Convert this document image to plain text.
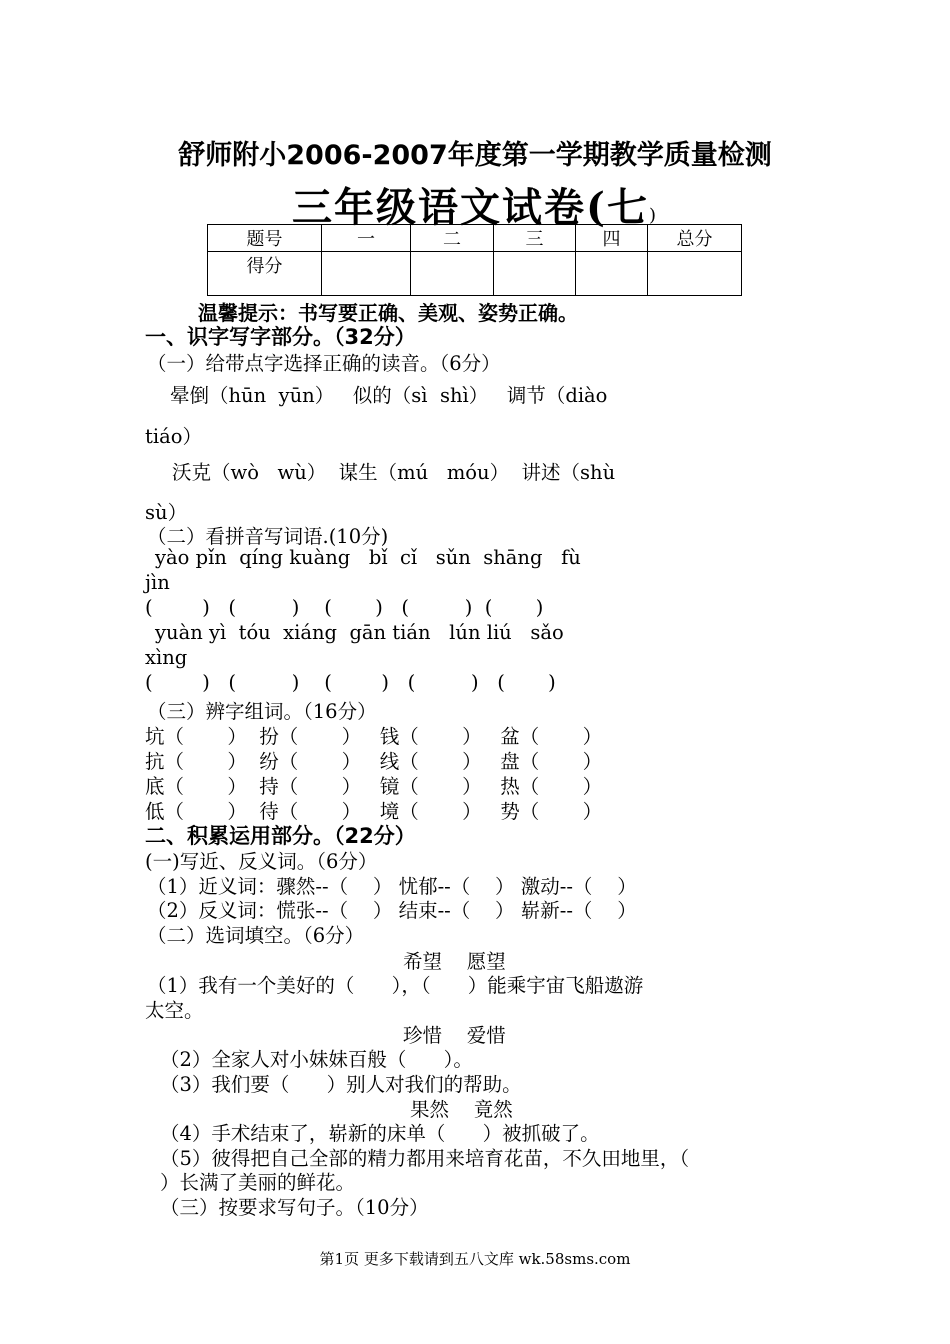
舒师附小2006-2007年度第一学期教学质量检测
三年级语文试卷(七)
题号	一	二	三	四	总分
得分					
温馨提示：书写要正确、美观、姿势正确。
一、识字写字部分。（32分）
（一）给带点字选择正确的读音。（6分）
晕倒（hūn  yūn）   似的（sì  shì）   调节（diào
tiáo）
沃克（wò   wù）  谋生（mú   móu）  讲述（shù
sù）
（二）看拼音写词语.(10分)
yào pǐn  qíng kuàng   bǐ  cǐ   sǔn  shāng   fù
jìn
(        )   (         )    (       )   (         )  (       )
yuàn yì  tóu  xiáng  gān tián   lún liú   sǎo
xìng
(        )   (         )    (        )   (         )   (       )
（三）辨字组词。（16分）
坑（       ）  扮（       ）   钱（       ）   盆（       ）
抗（       ）  纷（       ）   线（       ）   盘（       ）
底（       ）  持（       ）   镜（       ）   热（       ）
低（       ）  待（       ）   境（       ）   势（       ）
二、积累运用部分。（22分）
(一)写近、反义词。（6分）
（1）近义词：骤然--（    ） 忧郁--（    ） 激动--（    ）
（2）反义词：慌张--（    ） 结束--（    ） 崭新--（    ）
（二）选词填空。（6分）
希望    愿望
（1）我有一个美好的（      ），（      ）能乘宇宙飞船遨游
太空。
珍惜    爱惜
（2）全家人对小妹妹百般（      ）。
（3）我们要（      ）别人对我们的帮助。
果然    竟然
（4）手术结束了，崭新的床单（      ）被抓破了。
（5）彼得把自己全部的精力都用来培育花苗，不久田地里，（
）长满了美丽的鲜花。
（三）按要求写句子。（10分）
第1页 更多下载请到五八文库 wk.58sms.com
